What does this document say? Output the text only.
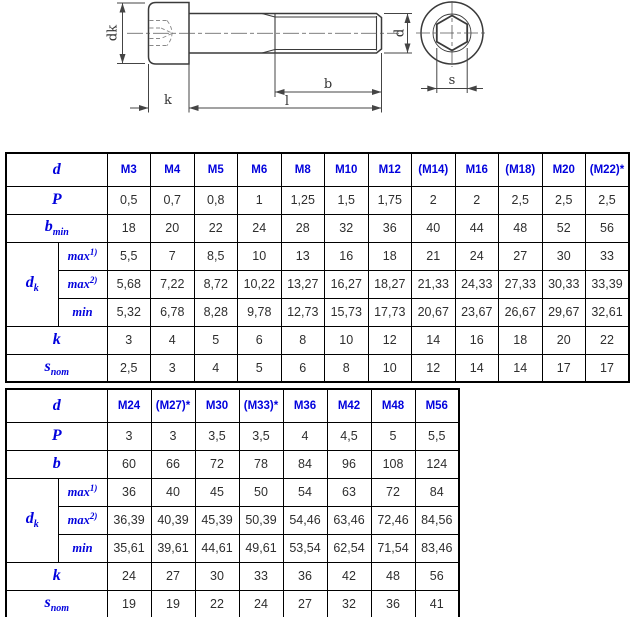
dk	d
b
l
k
s
d		M3	M4	M5	M6	M8	M10	M12	(M14)	M16	(M18)	M20	(M22)*
P		0,5	0,7	0,8	1	1,25	1,5	1,75	2	2	2,5	2,5	2,5
$b_{min}$		18	20	22	24	28	32	36	40	44	48	52	56
$d_k$	$\max^{1)}$	5,5	7	8,5	10	13	16	18	21	24	27	30	33
	$\max^{2)}$	5,68	7,22	8,72	10,22	13,27	16,27	18,27	21,33	24,33	27,33	30,33	33,39
	min	5,32	6,78	8,28	9,78	12,73	15,73	17,73	20,67	23,67	26,67	29,67	32,61
k		3	4	5	6	8	10	12	14	16	18	20	22
$s_{nom}$		2,5	3	4	5	6	8	10	12	14	14	17	17
d		M24	(M27)*	M30	(M33)*	M36	M42	M48	M56
P		3	3	3,5	3,5	4	4,5	5	5,5
b		60	66	72	78	84	96	108	124
$d_k$	$\max^{1)}$	36	40	45	50	54	63	72	84
	$\max^{2)}$	36,39	40,39	45,39	50,39	54,46	63,46	72,46	84,56
	min	35,61	39,61	44,61	49,61	53,54	62,54	71,54	83,46
k		24	27	30	33	36	42	48	56
$s_{nom}$		19	19	22	24	27	32	36	41
